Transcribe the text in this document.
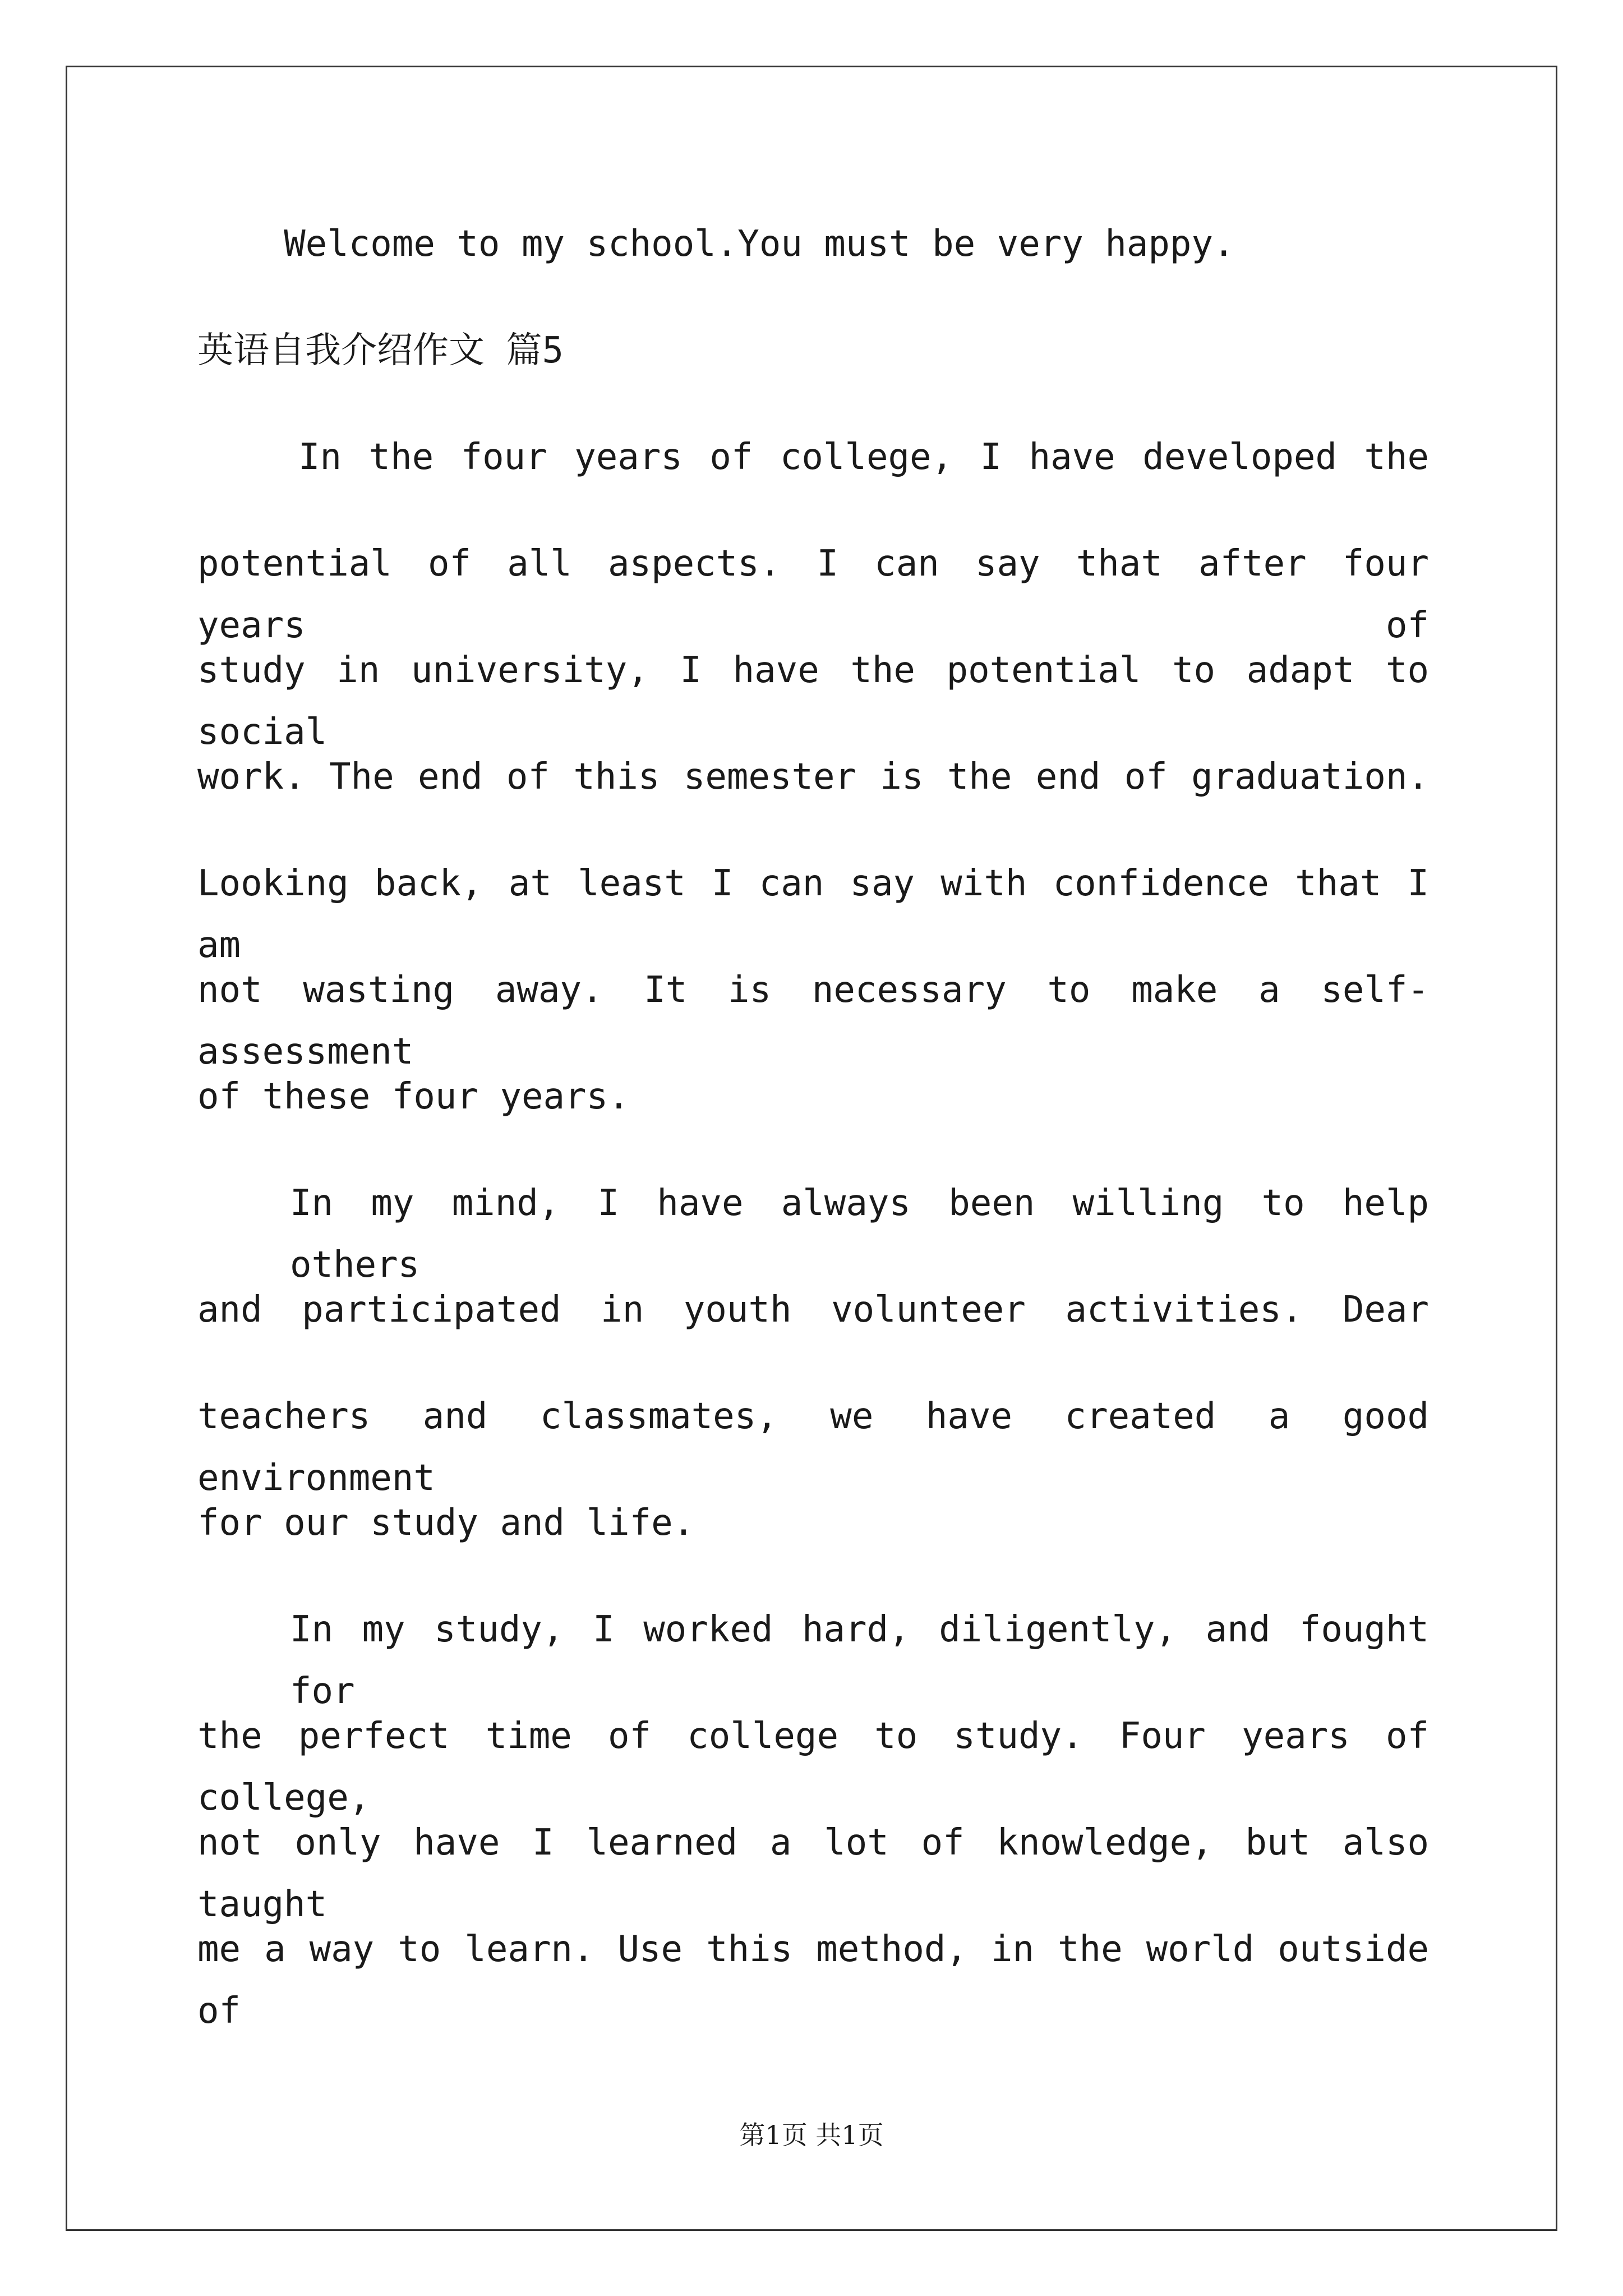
Welcome to my school.You must be very happy.
英语自我介绍作文 篇5
In the four years of college, I have developed the
potential of all aspects. I can say that after four years of
study in university, I have the potential to adapt to social
work. The end of this semester is the end of graduation.
Looking back, at least I can say with confidence that I am
not wasting away. It is necessary to make a self-assessment
of these four years.
In my mind, I have always been willing to help others
and participated in youth volunteer activities. Dear
teachers and classmates, we have created a good environment
for our study and life.
In my study, I worked hard, diligently, and fought for
the perfect time of college to study. Four years of college,
not only have I learned a lot of knowledge, but also taught
me a way to learn. Use this method, in the world outside of
第1页 共1页
